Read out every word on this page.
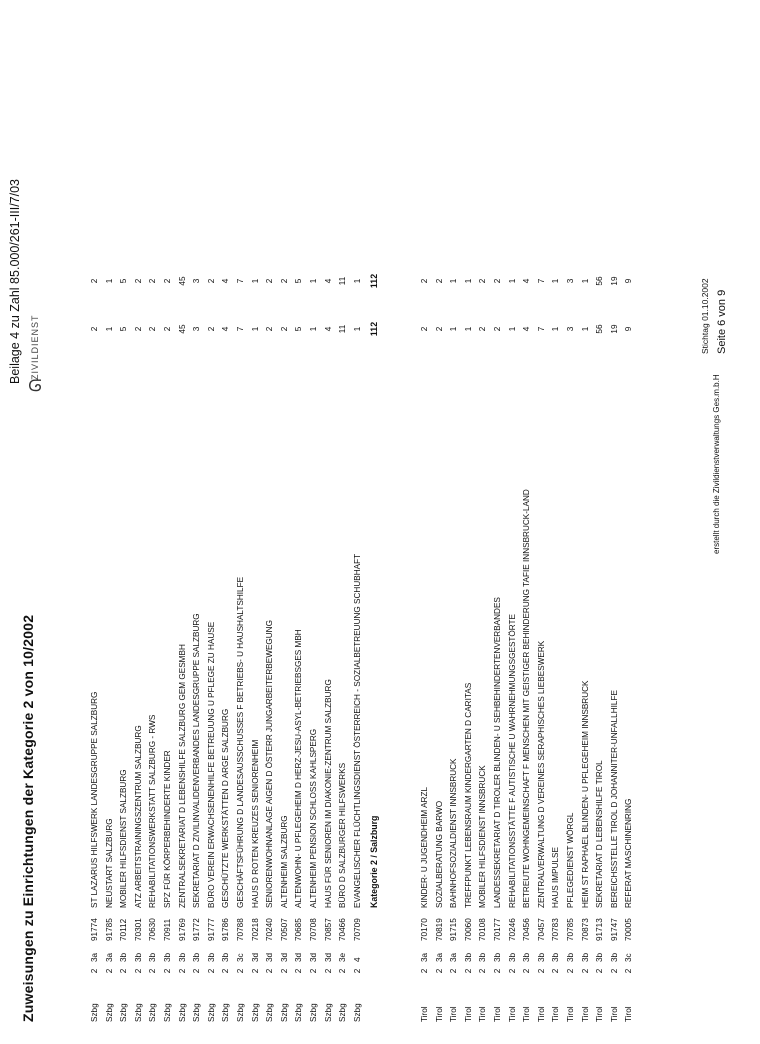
Zuweisungen zu Einrichtungen der Kategorie 2 von 10/2002
Beilage 4 zu Zahl 85.000/261-III/7/03
ᘏ
ZIVILDIENST
Szbg
2
3a
91774
ST LAZARUS HILFSWERK LANDESGRUPPE SALZBURG
2
2
Szbg
2
3a
91785
NEUSTART SALZBURG
1
1
Szbg
2
3b
70112
MOBILER HILFSDIENST SALZBURG
5
5
Szbg
2
3b
70301
ATZ ARBEITSTRAININGSZENTRUM SALZBURG
2
2
Szbg
2
3b
70630
REHABILITATIONSWERKSTATT SALZBURG - RWS
2
2
Szbg
2
3b
70911
SPZ FÜR KÖRPERBEHINDERTE KINDER
2
2
Szbg
2
3b
91769
ZENTRALSEKRETARIAT D LEBENSHILFE SALZBURG GEM GESMBH
45
45
Szbg
2
3b
91772
SEKRETARIAT D ZIVILINVALIDENVERBANDES LANDESGRUPPE SALZBURG
3
3
Szbg
2
3b
91777
BÜRO VEREIN ERWACHSENENHILFE BETREUUNG U PFLEGE ZU HAUSE
2
2
Szbg
2
3b
91786
GESCHÜTZTE WERKSTÄTTEN D ARGE SALZBURG
4
4
Szbg
2
3c
70788
GESCHÄFTSFÜHRUNG D LANDESAUSSCHUSSES F BETRIEBS- U HAUSHALTSHILFE
7
7
Szbg
2
3d
70218
HAUS D ROTEN KREUZES SENIORENHEIM
1
1
Szbg
2
3d
70240
SENIORENWOHNANLAGE AIGEN D ÖSTERR JUNGARBEITERBEWEGUNG
2
2
Szbg
2
3d
70507
ALTENHEIM SALZBURG
2
2
Szbg
2
3d
70685
ALTENWOHN- U PFLEGEHEIM D HERZ-JESU-ASYL-BETRIEBSGES MBH
5
5
Szbg
2
3d
70708
ALTENHEIM PENSION SCHLOSS KAHLSPERG
1
1
Szbg
2
3d
70857
HAUS FÜR SENIOREN IM DIAKONIE-ZENTRUM SALZBURG
4
4
Szbg
2
3e
70466
BÜRO D SALZBURGER HILFSWERKS
11
11
Szbg
2
4
70709
EVANGELISCHER FLÜCHTLINGSDIENST ÖSTERREICH - SOZIALBETREUUNG SCHUBHAFT
1
1
Kategorie 2 / Salzburg
112
112
Tirol
2
3a
70170
KINDER- U JUGENDHEIM ARZL
2
2
Tirol
2
3a
70819
SOZIALBERATUNG BARWO
2
2
Tirol
2
3a
91715
BAHNHOFSOZIALDIENST INNSBRUCK
1
1
Tirol
2
3b
70060
TREFFPUNKT LEBENSRAUM KINDERGARTEN D CARITAS
1
1
Tirol
2
3b
70108
MOBILER HILFSDIENST INNSBRUCK
2
2
Tirol
2
3b
70177
LANDESSEKRETARIAT D TIROLER BLINDEN- U SEHBEHINDERTENVERBANDES
2
2
Tirol
2
3b
70246
REHABILITATIONSSTÄTTE F AUTISTISCHE U WAHRNEHMUNGSGESTÖRTE
1
1
Tirol
2
3b
70456
BETREUTE WOHNGEMEINSCHAFT F MENSCHEN MIT GEISTIGER BEHINDERUNG TAFIE INNSBRUCK-LAND
4
4
Tirol
2
3b
70457
ZENTRALVERWALTUNG D VEREINES SERAPHISCHES LIEBESWERK
7
7
Tirol
2
3b
70783
HAUS IMPULSE
1
1
Tirol
2
3b
70785
PFLEGEDIENST WÖRGL
3
3
Tirol
2
3b
70873
HEIM ST RAPHAEL BLINDEN- U PFLEGEHEIM INNSBRUCK
1
1
Tirol
2
3b
91713
SEKRETARIAT D LEBENSHILFE TIROL
56
56
Tirol
2
3b
91747
BEREICHSSTELLE TIROL D JOHANNITER-UNFALLHILFE
19
19
Tirol
2
3c
70005
REFERAT MASCHINENRING
9
9
erstellt durch die Zivildienstverwaltungs Ges.m.b.H
Stichtag 01.10.2002 Seite 6 von 9
